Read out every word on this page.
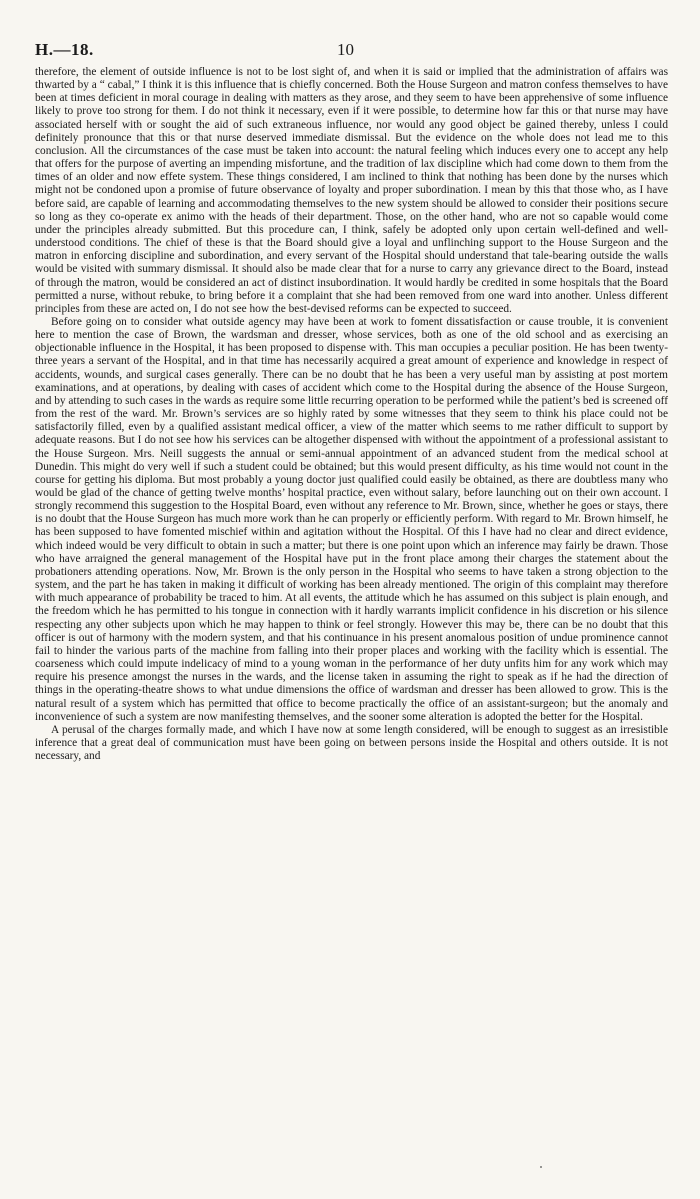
H.—18.	10

therefore, the element of outside influence is not to be lost sight of, and when it is said or implied that the administration of affairs was thwarted by a “ cabal,” I think it is this influence that is chiefly concerned. Both the House Surgeon and matron confess themselves to have been at times deficient in moral courage in dealing with matters as they arose, and they seem to have been apprehensive of some influence likely to prove too strong for them. I do not think it necessary, even if it were possible, to determine how far this or that nurse may have associated herself with or sought the aid of such extraneous influence, nor would any good object be gained thereby, unless I could definitely pronounce that this or that nurse deserved immediate dismissal. But the evidence on the whole does not lead me to this conclusion. All the circumstances of the case must be taken into account: the natural feeling which induces every one to accept any help that offers for the purpose of averting an impending misfortune, and the tradition of lax discipline which had come down to them from the times of an older and now effete system. These things considered, I am inclined to think that nothing has been done by the nurses which might not be condoned upon a promise of future observance of loyalty and proper subordination. I mean by this that those who, as I have before said, are capable of learning and accommodating themselves to the new system should be allowed to consider their positions secure so long as they co-operate ex animo with the heads of their department. Those, on the other hand, who are not so capable would come under the principles already submitted. But this procedure can, I think, safely be adopted only upon certain well-defined and well-understood conditions. The chief of these is that the Board should give a loyal and unflinching support to the House Surgeon and the matron in enforcing discipline and subordination, and every servant of the Hospital should understand that tale-bearing outside the walls would be visited with summary dismissal. It should also be made clear that for a nurse to carry any grievance direct to the Board, instead of through the matron, would be considered an act of distinct insubordination. It would hardly be credited in some hospitals that the Board permitted a nurse, without rebuke, to bring before it a complaint that she had been removed from one ward into another. Unless different principles from these are acted on, I do not see how the best-devised reforms can be expected to succeed.

Before going on to consider what outside agency may have been at work to foment dissatisfaction or cause trouble, it is convenient here to mention the case of Brown, the wardsman and dresser, whose services, both as one of the old school and as exercising an objectionable influence in the Hospital, it has been proposed to dispense with. This man occupies a peculiar position. He has been twenty-three years a servant of the Hospital, and in that time has necessarily acquired a great amount of experience and knowledge in respect of accidents, wounds, and surgical cases generally. There can be no doubt that he has been a very useful man by assisting at post mortem examinations, and at operations, by dealing with cases of accident which come to the Hospital during the absence of the House Surgeon, and by attending to such cases in the wards as require some little recurring operation to be performed while the patient’s bed is screened off from the rest of the ward. Mr. Brown’s services are so highly rated by some witnesses that they seem to think his place could not be satisfactorily filled, even by a qualified assistant medical officer, a view of the matter which seems to me rather difficult to support by adequate reasons. But I do not see how his services can be altogether dispensed with without the appointment of a professional assistant to the House Surgeon. Mrs. Neill suggests the annual or semi-annual appointment of an advanced student from the medical school at Dunedin. This might do very well if such a student could be obtained; but this would present difficulty, as his time would not count in the course for getting his diploma. But most probably a young doctor just qualified could easily be obtained, as there are doubtless many who would be glad of the chance of getting twelve months’ hospital practice, even without salary, before launching out on their own account. I strongly recommend this suggestion to the Hospital Board, even without any reference to Mr. Brown, since, whether he goes or stays, there is no doubt that the House Surgeon has much more work than he can properly or efficiently perform. With regard to Mr. Brown himself, he has been supposed to have fomented mischief within and agitation without the Hospital. Of this I have had no clear and direct evidence, which indeed would be very difficult to obtain in such a matter; but there is one point upon which an inference may fairly be drawn. Those who have arraigned the general management of the Hospital have put in the front place among their charges the statement about the probationers attending operations. Now, Mr. Brown is the only person in the Hospital who seems to have taken a strong objection to the system, and the part he has taken in making it difficult of working has been already mentioned. The origin of this complaint may therefore with much appearance of probability be traced to him. At all events, the attitude which he has assumed on this subject is plain enough, and the freedom which he has permitted to his tongue in connection with it hardly warrants implicit confidence in his discretion or his silence respecting any other subjects upon which he may happen to think or feel strongly. However this may be, there can be no doubt that this officer is out of harmony with the modern system, and that his continuance in his present anomalous position of undue prominence cannot fail to hinder the various parts of the machine from falling into their proper places and working with the facility which is essential. The coarseness which could impute indelicacy of mind to a young woman in the performance of her duty unfits him for any work which may require his presence amongst the nurses in the wards, and the license taken in assuming the right to speak as if he had the direction of things in the operating-theatre shows to what undue dimensions the office of wardsman and dresser has been allowed to grow. This is the natural result of a system which has permitted that office to become practically the office of an assistant-surgeon; but the anomaly and inconvenience of such a system are now manifesting themselves, and the sooner some alteration is adopted the better for the Hospital.

A perusal of the charges formally made, and which I have now at some length considered, will be enough to suggest as an irresistible inference that a great deal of communication must have been going on between persons inside the Hospital and others outside. It is not necessary, and
